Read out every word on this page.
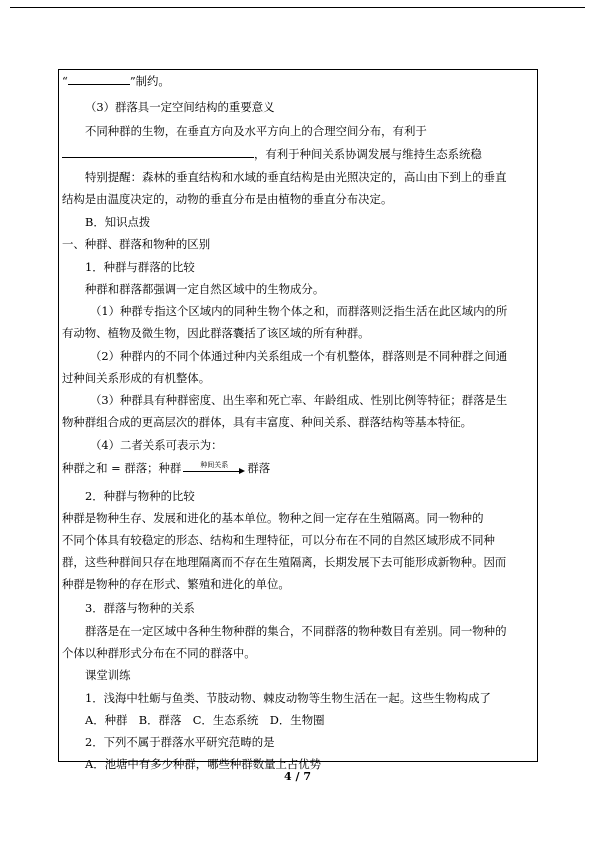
“	”制约。
（3）群落具一定空间结构的重要意义
不同种群的生物，在垂直方向及水平方向上的合理空间分布，有利于
，有利于种间关系协调发展与维持生态系统稳
特别提醒：森林的垂直结构和水域的垂直结构是由光照决定的，高山由下到上的垂直
结构是由温度决定的，动物的垂直分布是由植物的垂直分布决定。
B．知识点拨
一、种群、群落和物种的区别
1．种群与群落的比较
种群和群落都强调一定自然区域中的生物成分。
（1）种群专指这个区域内的同种生物个体之和，而群落则泛指生活在此区域内的所
有动物、植物及微生物，因此群落囊括了该区域的所有种群。
（2）种群内的不同个体通过种内关系组成一个有机整体，群落则是不同种群之间通
过种间关系形成的有机整体。
（3）种群具有种群密度、出生率和死亡率、年龄组成、性别比例等特征；群落是生
物种群组合成的更高层次的群体，具有丰富度、种间关系、群落结构等基本特征。
（4）二者关系可表示为：
种群之和 = 群落；种群	种间关系	群落
2．种群与物种的比较
种群是物种生存、发展和进化的基本单位。物种之间一定存在生殖隔离。同一物种的
不同个体具有较稳定的形态、结构和生理特征，可以分布在不同的自然区域形成不同种
群，这些种群间只存在地理隔离而不存在生殖隔离，长期发展下去可能形成新物种。因而
种群是物种的存在形式、繁殖和进化的单位。
3．群落与物种的关系
群落是在一定区域中各种生物种群的集合，不同群落的物种数目有差别。同一物种的
个体以种群形式分布在不同的群落中。
课堂训练
1．浅海中牡蛎与鱼类、节肢动物、棘皮动物等生物生活在一起。这些生物构成了
A．种群　B．群落　C．生态系统　D．生物圈
2．下列不属于群落水平研究范畴的是
A．池塘中有多少种群，哪些种群数量上占优势
4 / 7
